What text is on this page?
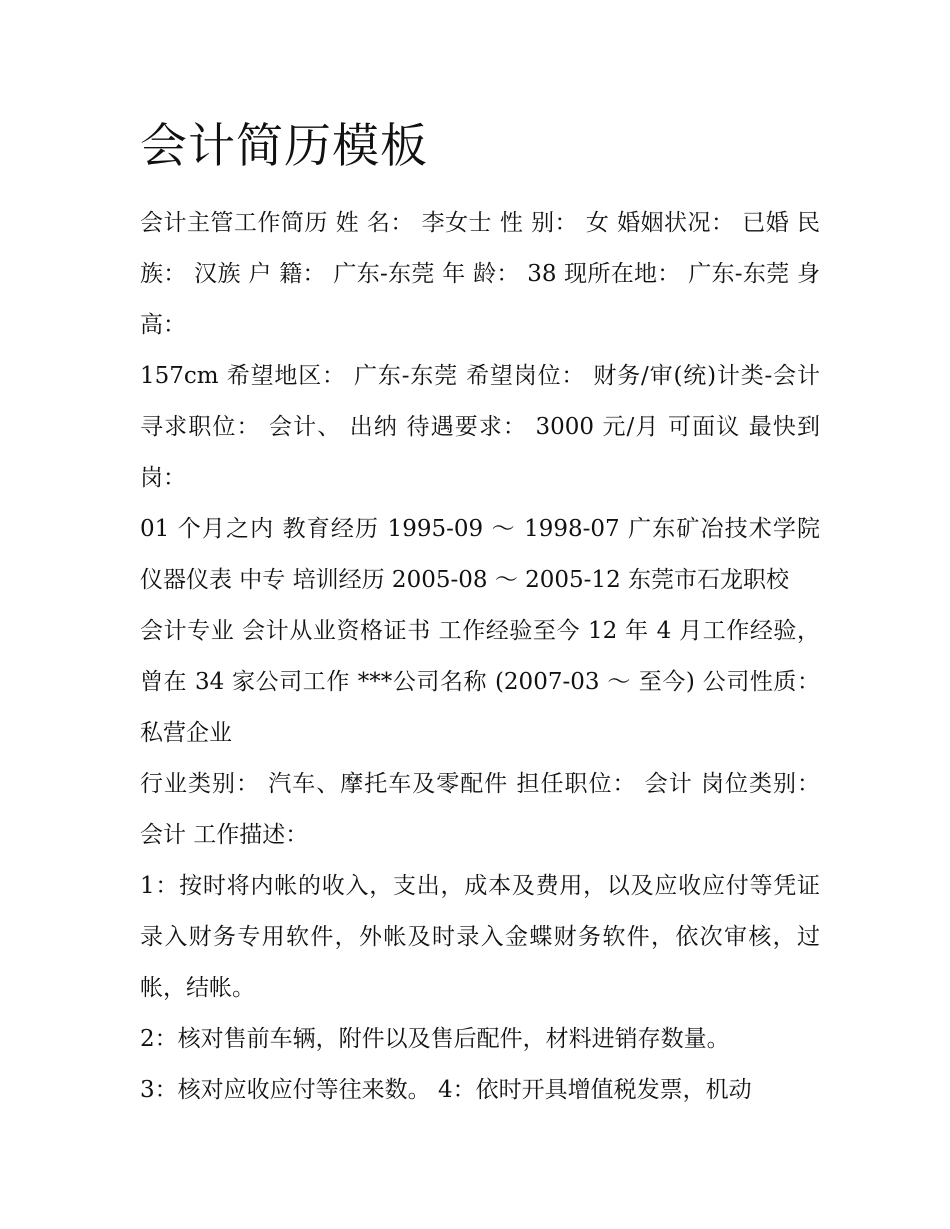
会计简历模板

会计主管工作简历 姓 名： 李女士 性 别： 女 婚姻状况： 已婚 民 族： 汉族 户 籍： 广东-东莞 年 龄： 38 现所在地： 广东-东莞 身 高：

157cm 希望地区： 广东-东莞 希望岗位： 财务/审(统)计类-会计 寻求职位： 会计、 出纳 待遇要求： 3000 元/月 可面议 最快到岗：

01 个月之内 教育经历 1995-09 ～ 1998-07 广东矿冶技术学院 仪器仪表 中专 培训经历 2005-08 ～ 2005-12 东莞市石龙职校

会计专业 会计从业资格证书 工作经验至今 12 年 4 月工作经验，曾在 34 家公司工作 ***公司名称 (2007-03 ～ 至今) 公司性质： 私营企业

行业类别： 汽车、摩托车及零配件 担任职位： 会计 岗位类别： 会计 工作描述：

1：按时将内帐的收入，支出，成本及费用，以及应收应付等凭证录入财务专用软件，外帐及时录入金蝶财务软件，依次审核，过帐，结帐。

2：核对售前车辆，附件以及售后配件，材料进销存数量。

3：核对应收应付等往来数。 4：依时开具增值税发票，机动
